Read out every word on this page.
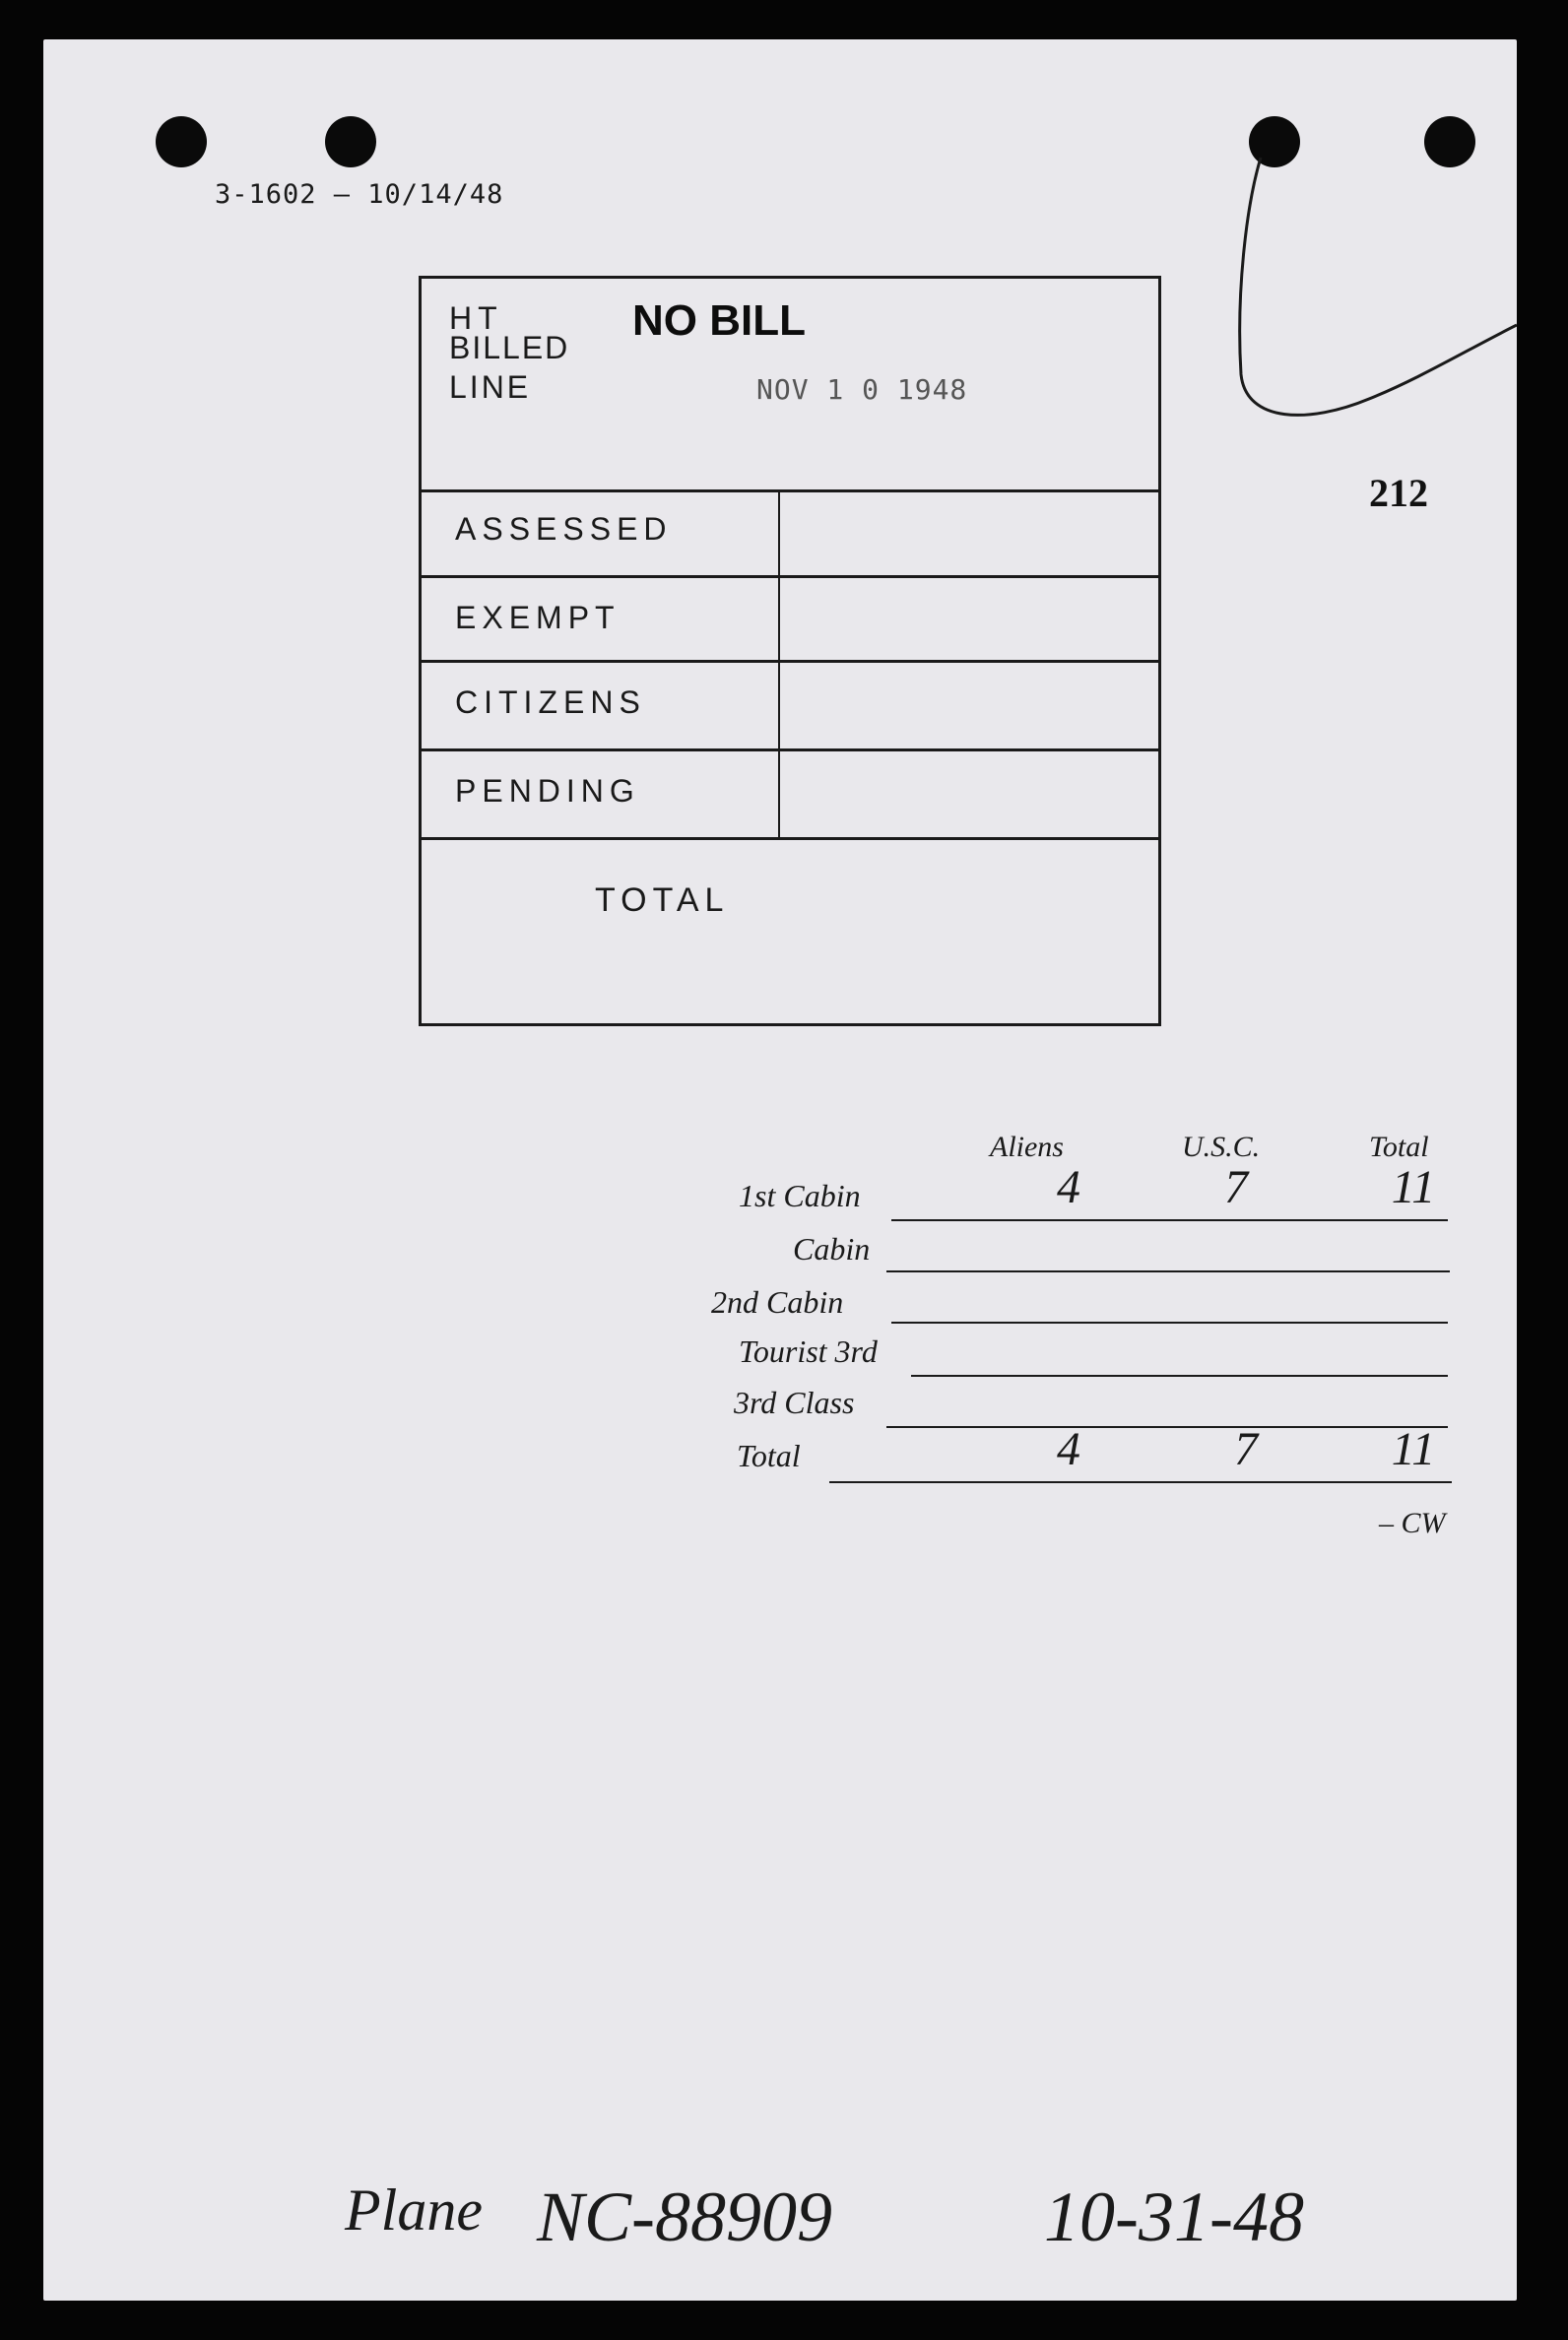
3-1602 — 10/14/48
212
HT
BILLED
LINE
NO BILL
NOV 1 0 1948
ASSESSED
EXEMPT
CITIZENS
PENDING
TOTAL
Aliens	U.S.C.	Total
1st Cabin	4	7	11
Cabin
2nd Cabin
Tourist 3rd
3rd Class
Total	4	7	11
– CW
Plane NC-88909	10-31-48
